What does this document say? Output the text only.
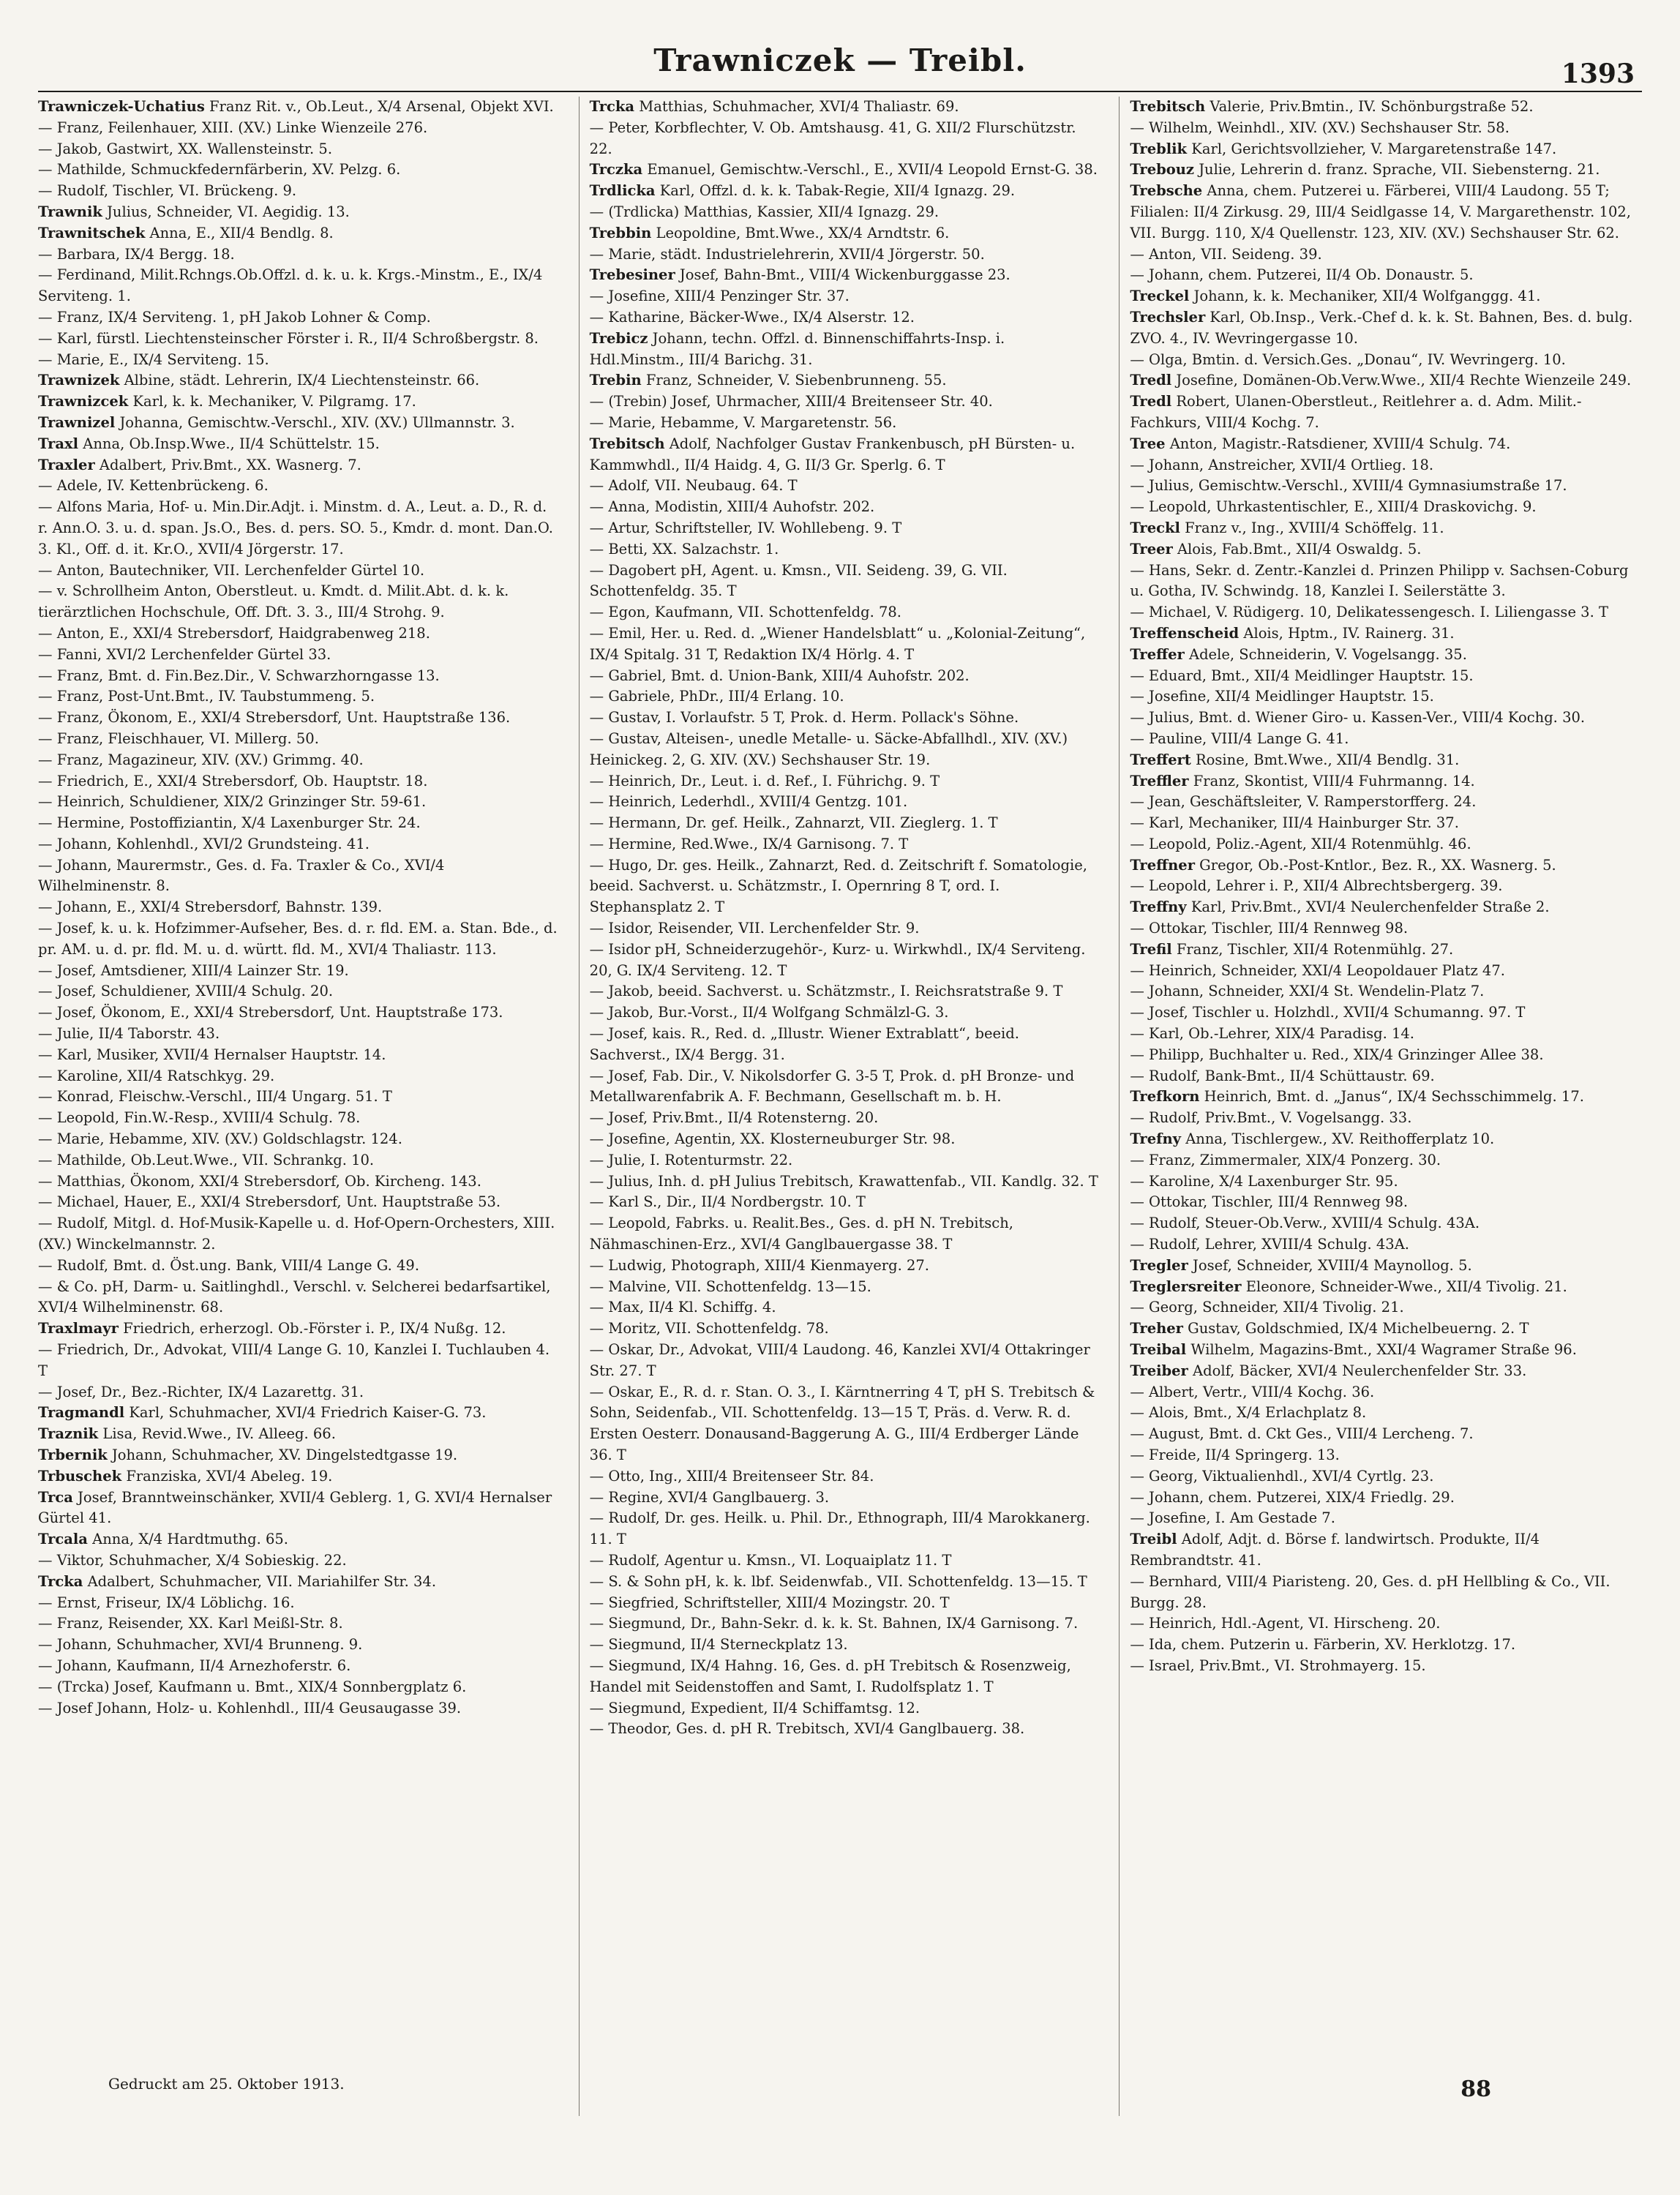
Trawniczek — Treibl.	1393

Trawniczek-Uchatius Franz Rit. v., Ob.Leut., X/4 Arsenal, Objekt XVI.

— Franz, Feilenhauer, XIII. (XV.) Linke Wienzeile 276.

— Jakob, Gastwirt, XX. Wallensteinstr. 5.

— Mathilde, Schmuckfedernfärberin, XV. Pelzg. 6.

— Rudolf, Tischler, VI. Brückeng. 9.

Trawnik Julius, Schneider, VI. Aegidig. 13.

Trawnitschek Anna, E., XII/4 Bendlg. 8.

— Barbara, IX/4 Bergg. 18.

— Ferdinand, Milit.Rchngs.Ob.Offzl. d. k. u. k. Krgs.-Minstm., E., IX/4 Serviteng. 1.

— Franz, IX/4 Serviteng. 1, pH Jakob Lohner & Comp.

— Karl, fürstl. Liechtensteinscher Förster i. R., II/4 Schroßbergstr. 8.

— Marie, E., IX/4 Serviteng. 15.

Trawnizek Albine, städt. Lehrerin, IX/4 Liechtensteinstr. 66.

Trawnizcek Karl, k. k. Mechaniker, V. Pilgramg. 17.

Trawnizel Johanna, Gemischtw.-Verschl., XIV. (XV.) Ullmannstr. 3.

Traxl Anna, Ob.Insp.Wwe., II/4 Schüttelstr. 15.

Traxler Adalbert, Priv.Bmt., XX. Wasnerg. 7.

— Adele, IV. Kettenbrückeng. 6.

— Alfons Maria, Hof- u. Min.Dir.Adjt. i. Minstm. d. A., Leut. a. D., R. d. r. Ann.O. 3. u. d. span. Js.O., Bes. d. pers. SO. 5., Kmdr. d. mont. Dan.O. 3. Kl., Off. d. it. Kr.O., XVII/4 Jörgerstr. 17.

— Anton, Bautechniker, VII. Lerchenfelder Gürtel 10.

— v. Schrollheim Anton, Oberstleut. u. Kmdt. d. Milit.Abt. d. k. k. tierärztlichen Hochschule, Off. Dft. 3. 3., III/4 Strohg. 9.

— Anton, E., XXI/4 Strebersdorf, Haidgrabenweg 218.

— Fanni, XVI/2 Lerchenfelder Gürtel 33.

— Franz, Bmt. d. Fin.Bez.Dir., V. Schwarzhorngasse 13.

— Franz, Post-Unt.Bmt., IV. Taubstummeng. 5.

— Franz, Ökonom, E., XXI/4 Strebersdorf, Unt. Hauptstraße 136.

— Franz, Fleischhauer, VI. Millerg. 50.

— Franz, Magazineur, XIV. (XV.) Grimmg. 40.

— Friedrich, E., XXI/4 Strebersdorf, Ob. Hauptstr. 18.

— Heinrich, Schuldiener, XIX/2 Grinzinger Str. 59-61.

— Hermine, Postoffiziantin, X/4 Laxenburger Str. 24.

— Johann, Kohlenhdl., XVI/2 Grundsteing. 41.

— Johann, Maurermstr., Ges. d. Fa. Traxler & Co., XVI/4 Wilhelminenstr. 8.

— Johann, E., XXI/4 Strebersdorf, Bahnstr. 139.

— Josef, k. u. k. Hofzimmer-Aufseher, Bes. d. r. fld. EM. a. Stan. Bde., d. pr. AM. u. d. pr. fld. M. u. d. württ. fld. M., XVI/4 Thaliastr. 113.

— Josef, Amtsdiener, XIII/4 Lainzer Str. 19.

— Josef, Schuldiener, XVIII/4 Schulg. 20.

— Josef, Ökonom, E., XXI/4 Strebersdorf, Unt. Hauptstraße 173.

— Julie, II/4 Taborstr. 43.

— Karl, Musiker, XVII/4 Hernalser Hauptstr. 14.

— Karoline, XII/4 Ratschkyg. 29.

— Konrad, Fleischw.-Verschl., III/4 Ungarg. 51. T

— Leopold, Fin.W.-Resp., XVIII/4 Schulg. 78.

— Marie, Hebamme, XIV. (XV.) Goldschlagstr. 124.

— Mathilde, Ob.Leut.Wwe., VII. Schrankg. 10.

— Matthias, Ökonom, XXI/4 Strebersdorf, Ob. Kircheng. 143.

— Michael, Hauer, E., XXI/4 Strebersdorf, Unt. Hauptstraße 53.

— Rudolf, Mitgl. d. Hof-Musik-Kapelle u. d. Hof-Opern-Orchesters, XIII. (XV.) Winckelmannstr. 2.

— Rudolf, Bmt. d. Öst.ung. Bank, VIII/4 Lange G. 49.

— & Co. pH, Darm- u. Saitlinghdl., Verschl. v. Selcherei bedarfsartikel, XVI/4 Wilhelminenstr. 68.

Traxlmayr Friedrich, erherzogl. Ob.-Förster i. P., IX/4 Nußg. 12.

— Friedrich, Dr., Advokat, VIII/4 Lange G. 10, Kanzlei I. Tuchlauben 4. T

— Josef, Dr., Bez.-Richter, IX/4 Lazarettg. 31.

Tragmandl Karl, Schuhmacher, XVI/4 Friedrich Kaiser-G. 73.

Traznik Lisa, Revid.Wwe., IV. Alleeg. 66.

Trbernik Johann, Schuhmacher, XV. Dingelstedtgasse 19.

Trbuschek Franziska, XVI/4 Abeleg. 19.

Trca Josef, Branntweinschänker, XVII/4 Geblerg. 1, G. XVI/4 Hernalser Gürtel 41.

Trcala Anna, X/4 Hardtmuthg. 65.

— Viktor, Schuhmacher, X/4 Sobieskig. 22.

Trcka Adalbert, Schuhmacher, VII. Mariahilfer Str. 34.

— Ernst, Friseur, IX/4 Löblichg. 16.

— Franz, Reisender, XX. Karl Meißl-Str. 8.

— Johann, Schuhmacher, XVI/4 Brunneng. 9.

— Johann, Kaufmann, II/4 Arnezhoferstr. 6.

— (Trcka) Josef, Kaufmann u. Bmt., XIX/4 Sonnbergplatz 6.

— Josef Johann, Holz- u. Kohlenhdl., III/4 Geusaugasse 39.

Trcka Matthias, Schuhmacher, XVI/4 Thaliastr. 69.

— Peter, Korbflechter, V. Ob. Amtshausg. 41, G. XII/2 Flurschützstr. 22.

Trczka Emanuel, Gemischtw.-Verschl., E., XVII/4 Leopold Ernst-G. 38.

Trdlicka Karl, Offzl. d. k. k. Tabak-Regie, XII/4 Ignazg. 29.

— (Trdlicka) Matthias, Kassier, XII/4 Ignazg. 29.

Trebbin Leopoldine, Bmt.Wwe., XX/4 Arndtstr. 6.

— Marie, städt. Industrielehrerin, XVII/4 Jörgerstr. 50.

Trebesiner Josef, Bahn-Bmt., VIII/4 Wickenburggasse 23.

— Josefine, XIII/4 Penzinger Str. 37.

— Katharine, Bäcker-Wwe., IX/4 Alserstr. 12.

Trebicz Johann, techn. Offzl. d. Binnenschiffahrts-Insp. i. Hdl.Minstm., III/4 Barichg. 31.

Trebin Franz, Schneider, V. Siebenbrunneng. 55.

— (Trebin) Josef, Uhrmacher, XIII/4 Breitenseer Str. 40.

— Marie, Hebamme, V. Margaretenstr. 56.

Trebitsch Adolf, Nachfolger Gustav Frankenbusch, pH Bürsten- u. Kammwhdl., II/4 Haidg. 4, G. II/3 Gr. Sperlg. 6. T

— Adolf, VII. Neubaug. 64. T

— Anna, Modistin, XIII/4 Auhofstr. 202.

— Artur, Schriftsteller, IV. Wohllebeng. 9. T

— Betti, XX. Salzachstr. 1.

— Dagobert pH, Agent. u. Kmsn., VII. Seideng. 39, G. VII. Schottenfeldg. 35. T

— Egon, Kaufmann, VII. Schottenfeldg. 78.

— Emil, Her. u. Red. d. „Wiener Handelsblatt“ u. „Kolonial-Zeitung“, IX/4 Spitalg. 31 T, Redaktion IX/4 Hörlg. 4. T

— Gabriel, Bmt. d. Union-Bank, XIII/4 Auhofstr. 202.

— Gabriele, PhDr., III/4 Erlang. 10.

— Gustav, I. Vorlaufstr. 5 T, Prok. d. Herm. Pollack's Söhne.

— Gustav, Alteisen-, unedle Metalle- u. Säcke-Abfallhdl., XIV. (XV.) Heinickeg. 2, G. XIV. (XV.) Sechshauser Str. 19.

— Heinrich, Dr., Leut. i. d. Ref., I. Führichg. 9. T

— Heinrich, Lederhdl., XVIII/4 Gentzg. 101.

— Hermann, Dr. gef. Heilk., Zahnarzt, VII. Zieglerg. 1. T

— Hermine, Red.Wwe., IX/4 Garnisong. 7. T

— Hugo, Dr. ges. Heilk., Zahnarzt, Red. d. Zeitschrift f. Somatologie, beeid. Sachverst. u. Schätzmstr., I. Opernring 8 T, ord. I. Stephansplatz 2. T

— Isidor, Reisender, VII. Lerchenfelder Str. 9.

— Isidor pH, Schneiderzugehör-, Kurz- u. Wirkwhdl., IX/4 Serviteng. 20, G. IX/4 Serviteng. 12. T

— Jakob, beeid. Sachverst. u. Schätzmstr., I. Reichsratstraße 9. T

— Jakob, Bur.-Vorst., II/4 Wolfgang Schmälzl-G. 3.

— Josef, kais. R., Red. d. „Illustr. Wiener Extrablatt“, beeid. Sachverst., IX/4 Bergg. 31.

— Josef, Fab. Dir., V. Nikolsdorfer G. 3-5 T, Prok. d. pH Bronze- und Metallwarenfabrik A. F. Bechmann, Gesellschaft m. b. H.

— Josef, Priv.Bmt., II/4 Rotensterng. 20.

— Josefine, Agentin, XX. Klosterneuburger Str. 98.

— Julie, I. Rotenturmstr. 22.

— Julius, Inh. d. pH Julius Trebitsch, Krawattenfab., VII. Kandlg. 32. T

— Karl S., Dir., II/4 Nordbergstr. 10. T

— Leopold, Fabrks. u. Realit.Bes., Ges. d. pH N. Trebitsch, Nähmaschinen-Erz., XVI/4 Ganglbauergasse 38. T

— Ludwig, Photograph, XIII/4 Kienmayerg. 27.

— Malvine, VII. Schottenfeldg. 13—15.

— Max, II/4 Kl. Schiffg. 4.

— Moritz, VII. Schottenfeldg. 78.

— Oskar, Dr., Advokat, VIII/4 Laudong. 46, Kanzlei XVI/4 Ottakringer Str. 27. T

— Oskar, E., R. d. r. Stan. O. 3., I. Kärntnerring 4 T, pH S. Trebitsch & Sohn, Seidenfab., VII. Schottenfeldg. 13—15 T, Präs. d. Verw. R. d. Ersten Oesterr. Donausand-Baggerung A. G., III/4 Erdberger Lände 36. T

— Otto, Ing., XIII/4 Breitenseer Str. 84.

— Regine, XVI/4 Ganglbauerg. 3.

— Rudolf, Dr. ges. Heilk. u. Phil. Dr., Ethnograph, III/4 Marokkanerg. 11. T

— Rudolf, Agentur u. Kmsn., VI. Loquaiplatz 11. T

— S. & Sohn pH, k. k. lbf. Seidenwfab., VII. Schottenfeldg. 13—15. T

— Siegfried, Schriftsteller, XIII/4 Mozingstr. 20. T

— Siegmund, Dr., Bahn-Sekr. d. k. k. St. Bahnen, IX/4 Garnisong. 7.

— Siegmund, II/4 Sterneckplatz 13.

— Siegmund, IX/4 Hahng. 16, Ges. d. pH Trebitsch & Rosenzweig, Handel mit Seidenstoffen and Samt, I. Rudolfsplatz 1. T

— Siegmund, Expedient, II/4 Schiffamtsg. 12.

— Theodor, Ges. d. pH R. Trebitsch, XVI/4 Ganglbauerg. 38.

Trebitsch Valerie, Priv.Bmtin., IV. Schönburgstraße 52.

— Wilhelm, Weinhdl., XIV. (XV.) Sechshauser Str. 58.

Treblik Karl, Gerichtsvollzieher, V. Margaretenstraße 147.

Trebouz Julie, Lehrerin d. franz. Sprache, VII. Siebensterng. 21.

Trebsche Anna, chem. Putzerei u. Färberei, VIII/4 Laudong. 55 T; Filialen: II/4 Zirkusg. 29, III/4 Seidlgasse 14, V. Margarethenstr. 102, VII. Burgg. 110, X/4 Quellenstr. 123, XIV. (XV.) Sechshauser Str. 62.

— Anton, VII. Seideng. 39.

— Johann, chem. Putzerei, II/4 Ob. Donaustr. 5.

Treckel Johann, k. k. Mechaniker, XII/4 Wolfganggg. 41.

Trechsler Karl, Ob.Insp., Verk.-Chef d. k. k. St. Bahnen, Bes. d. bulg. ZVO. 4., IV. Wevringergasse 10.

— Olga, Bmtin. d. Versich.Ges. „Donau“, IV. Wevringerg. 10.

Tredl Josefine, Domänen-Ob.Verw.Wwe., XII/4 Rechte Wienzeile 249.

Tredl Robert, Ulanen-Oberstleut., Reitlehrer a. d. Adm. Milit.-Fachkurs, VIII/4 Kochg. 7.

Tree Anton, Magistr.-Ratsdiener, XVIII/4 Schulg. 74.

— Johann, Anstreicher, XVII/4 Ortlieg. 18.

— Julius, Gemischtw.-Verschl., XVIII/4 Gymnasiumstraße 17.

— Leopold, Uhrkastentischler, E., XIII/4 Draskovichg. 9.

Treckl Franz v., Ing., XVIII/4 Schöffelg. 11.

Treer Alois, Fab.Bmt., XII/4 Oswaldg. 5.

— Hans, Sekr. d. Zentr.-Kanzlei d. Prinzen Philipp v. Sachsen-Coburg u. Gotha, IV. Schwindg. 18, Kanzlei I. Seilerstätte 3.

— Michael, V. Rüdigerg. 10, Delikatessengesch. I. Liliengasse 3. T

Treffenscheid Alois, Hptm., IV. Rainerg. 31.

Treffer Adele, Schneiderin, V. Vogelsangg. 35.

— Eduard, Bmt., XII/4 Meidlinger Hauptstr. 15.

— Josefine, XII/4 Meidlinger Hauptstr. 15.

— Julius, Bmt. d. Wiener Giro- u. Kassen-Ver., VIII/4 Kochg. 30.

— Pauline, VIII/4 Lange G. 41.

Treffert Rosine, Bmt.Wwe., XII/4 Bendlg. 31.

Treffler Franz, Skontist, VIII/4 Fuhrmanng. 14.

— Jean, Geschäftsleiter, V. Ramperstorfferg. 24.

— Karl, Mechaniker, III/4 Hainburger Str. 37.

— Leopold, Poliz.-Agent, XII/4 Rotenmühlg. 46.

Treffner Gregor, Ob.-Post-Kntlor., Bez. R., XX. Wasnerg. 5.

— Leopold, Lehrer i. P., XII/4 Albrechtsbergerg. 39.

Treffny Karl, Priv.Bmt., XVI/4 Neulerchenfelder Straße 2.

— Ottokar, Tischler, III/4 Rennweg 98.

Trefil Franz, Tischler, XII/4 Rotenmühlg. 27.

— Heinrich, Schneider, XXI/4 Leopoldauer Platz 47.

— Johann, Schneider, XXI/4 St. Wendelin-Platz 7.

— Josef, Tischler u. Holzhdl., XVII/4 Schumanng. 97. T

— Karl, Ob.-Lehrer, XIX/4 Paradisg. 14.

— Philipp, Buchhalter u. Red., XIX/4 Grinzinger Allee 38.

— Rudolf, Bank-Bmt., II/4 Schüttaustr. 69.

Trefkorn Heinrich, Bmt. d. „Janus“, IX/4 Sechsschimmelg. 17.

— Rudolf, Priv.Bmt., V. Vogelsangg. 33.

Trefny Anna, Tischlergew., XV. Reithofferplatz 10.

— Franz, Zimmermaler, XIX/4 Ponzerg. 30.

— Karoline, X/4 Laxenburger Str. 95.

— Ottokar, Tischler, III/4 Rennweg 98.

— Rudolf, Steuer-Ob.Verw., XVIII/4 Schulg. 43A.

— Rudolf, Lehrer, XVIII/4 Schulg. 43A.

Tregler Josef, Schneider, XVIII/4 Maynollog. 5.

Treglersreiter Eleonore, Schneider-Wwe., XII/4 Tivolig. 21.

— Georg, Schneider, XII/4 Tivolig. 21.

Treher Gustav, Goldschmied, IX/4 Michelbeuerng. 2. T

Treibal Wilhelm, Magazins-Bmt., XXI/4 Wagramer Straße 96.

Treiber Adolf, Bäcker, XVI/4 Neulerchenfelder Str. 33.

— Albert, Vertr., VIII/4 Kochg. 36.

— Alois, Bmt., X/4 Erlachplatz 8.

— August, Bmt. d. Ckt Ges., VIII/4 Lercheng. 7.

— Freide, II/4 Springerg. 13.

— Georg, Viktualienhdl., XVI/4 Cyrtlg. 23.

— Johann, chem. Putzerei, XIX/4 Friedlg. 29.

— Josefine, I. Am Gestade 7.

Treibl Adolf, Adjt. d. Börse f. landwirtsch. Produkte, II/4 Rembrandtstr. 41.

— Bernhard, VIII/4 Piaristeng. 20, Ges. d. pH Hellbling & Co., VII. Burgg. 28.

— Heinrich, Hdl.-Agent, VI. Hirscheng. 20.

— Ida, chem. Putzerin u. Färberin, XV. Herklotzg. 17.

— Israel, Priv.Bmt., VI. Strohmayerg. 15.

Gedruckt am 25. Oktober 1913.	88
